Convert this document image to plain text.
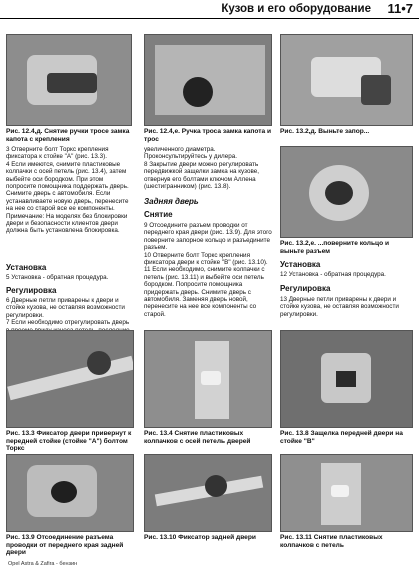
Кузов и его оборудование 11•7
Рис. 12.4,д. Снятие ручки тросе замка капота с крепления
Рис. 12.4,е. Ручка троса замка капота и трос
Рис. 13.2,д. Выньте запор...

3 Отверните болт Торкс крепления фиксатора к стойке "А" (рис. 13.3).

4 Если имеются, снимите пластиковые колпачки с осей петель (рис. 13.4), затем выбейте оси бородком. При этом попросите помощника поддержать дверь. Снимите дверь с автомобиля. Если устанавливаете новую дверь, перенесите на нее со старой все ее компоненты. Примечание: На моделях без блокировки двери и безопасности клиентов двери должна быть установлена блокировка.

Установка
5 Установка - обратная процедура.
Регулировка

6 Дверные петли приварены к двери и стойке кузова, не оставляя возможности регулировки.

7 Если необходимо отрегулировать дверь

увеличенного диаметра. Проконсультируйтесь у дилера.

8 Закрытие двери можно регулировать передвижкой защелки замка на кузове, отвернув его болтами ключом Аллена (шестигранником) (рис. 13.8).

Задняя дверь
Снятие

9 Отсоедините разъем проводки от переднего края двери (рис. 13.9). Для этого поверните запорное кольцо и разъедините разъем.

10 Отверните болт Торкс крепления фиксатора двери к стойке "B" (рис. 13.10).

11 Если необходимо, снимите колпачки с петель (рис. 13.11) и выбейте оси петель бородком. Попросите помощника придержать дверь. Снимите дверь с автомобиля. Заменяя дверь новой, перенесите на нее все компоненты со старой.

Рис. 13.2,е. ...поверните кольцо и выньте разъем
Установка
12 Установка - обратная процедура.
Регулировка
13 Дверные петли приварены к двери и стойке кузова, не оставляя возможности регулировки.
Рис. 13.3 Фиксатор двери привернут к передней стойке (стойке "A") болтом Торкс
Рис. 13.4 Снятие пластиковых колпачков с осей петель дверей
Рис. 13.8 Защелка передней двери на стойке "B"
Рис. 13.9 Отсоединение разъема проводки от переднего края задней двери
Рис. 13.10 Фиксатор задней двери	Рис. 13.11 Снятие пластиковых колпачков с петель
Opel Astra & Zafira - бензин
